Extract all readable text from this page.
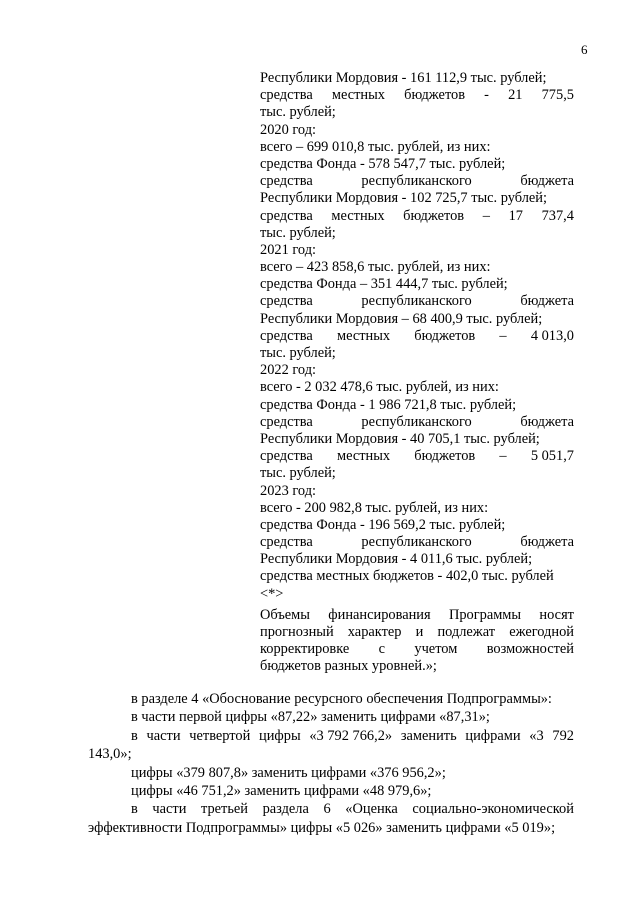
6
Республики Мордовия - 161 112,9 тыс. рублей;
средства местных бюджетов - 21 775,5
тыс. рублей;
2020 год:
всего – 699 010,8 тыс. рублей, из них:
средства Фонда - 578 547,7 тыс. рублей;
средства	республиканского	бюджета
Республики Мордовия - 102 725,7 тыс. рублей;
средства местных бюджетов – 17 737,4
тыс. рублей;
2021 год:
всего – 423 858,6 тыс. рублей, из них:
средства Фонда – 351 444,7 тыс. рублей;
средства	республиканского	бюджета
Республики Мордовия – 68 400,9 тыс. рублей;
средства местных бюджетов – 4 013,0
тыс. рублей;
2022 год:
всего - 2 032 478,6 тыс. рублей, из них:
средства Фонда - 1 986 721,8 тыс. рублей;
средства	республиканского	бюджета
Республики Мордовия - 40 705,1 тыс. рублей;
средства местных бюджетов – 5 051,7
тыс. рублей;
2023 год:
всего - 200 982,8 тыс. рублей, из них:
средства Фонда - 196 569,2 тыс. рублей;
средства	республиканского	бюджета
Республики Мордовия - 4 011,6 тыс. рублей;
средства местных бюджетов - 402,0 тыс. рублей
<*>
Объемы финансирования Программы носят
прогнозный характер и подлежат ежегодной
корректировке с учетом возможностей
бюджетов разных уровней.»;
в разделе 4 «Обоснование ресурсного обеспечения Подпрограммы»:
в части первой цифры «87,22» заменить цифрами «87,31»;
в части четвертой цифры «3 792 766,2» заменить цифрами «3 792
143,0»;
цифры «379 807,8» заменить цифрами «376 956,2»;
цифры «46 751,2» заменить цифрами «48 979,6»;
в части третьей раздела 6 «Оценка социально-экономической
эффективности Подпрограммы» цифры «5 026» заменить цифрами «5 019»;
